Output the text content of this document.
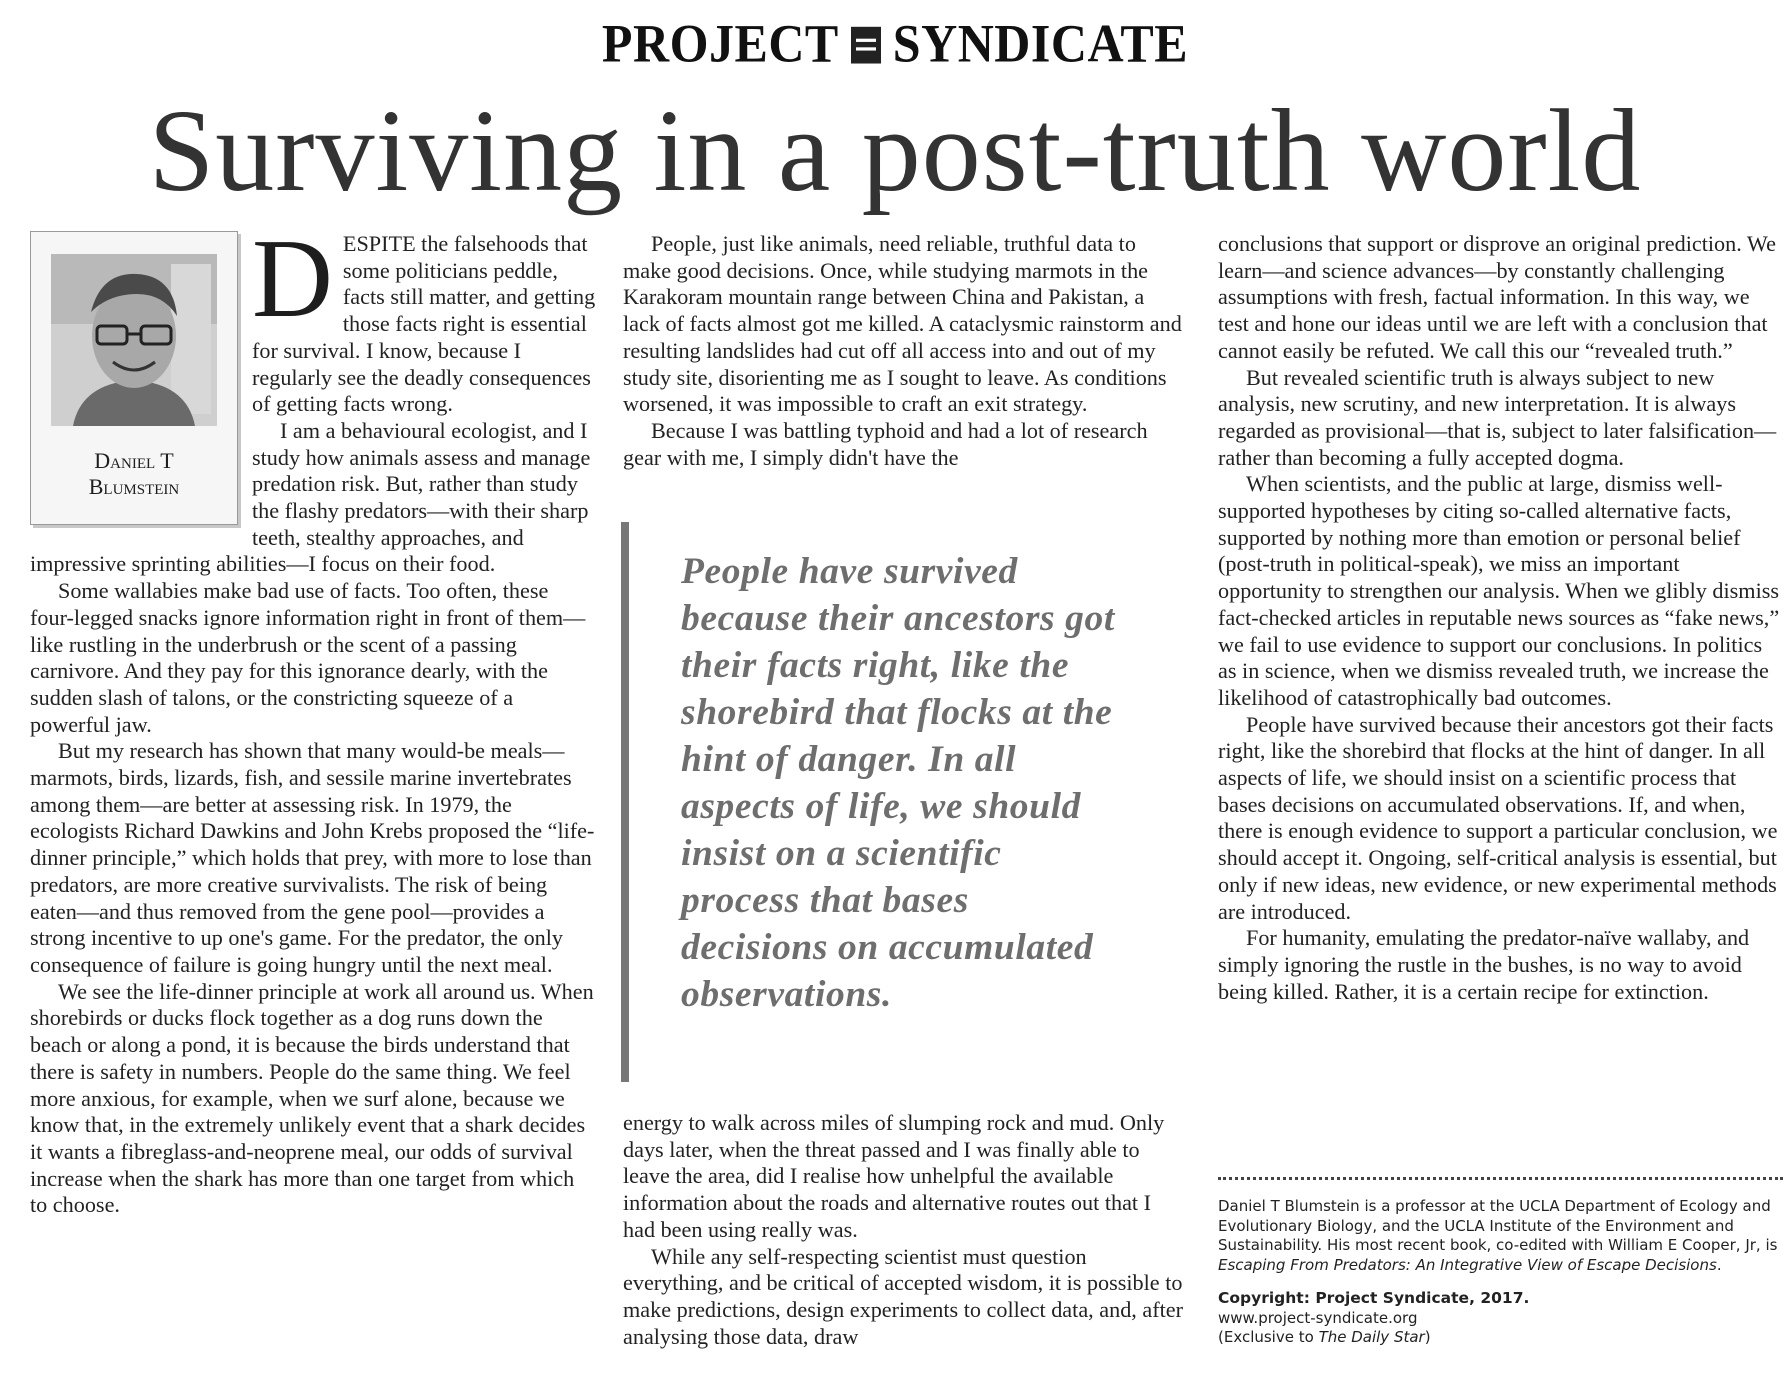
PROJECT SYNDICATE
Surviving in a post-truth world
Daniel T
Blumstein
D ESPITE the falsehoods that some politicians peddle, facts still matter, and getting those facts right is essential for survival. I know, because I regularly see the deadly consequences of getting facts wrong.

I am a behavioural ecologist, and I study how animals assess and manage predation risk. But, rather than study the flashy predators—with their sharp teeth, stealthy approaches, and impressive sprinting abilities—I focus on their food.

Some wallabies make bad use of facts. Too often, these four-legged snacks ignore information right in front of them—like rustling in the underbrush or the scent of a passing carnivore. And they pay for this ignorance dearly, with the sudden slash of talons, or the constricting squeeze of a powerful jaw.

But my research has shown that many would-be meals—marmots, birds, lizards, fish, and sessile marine invertebrates among them—are better at assessing risk. In 1979, the ecologists Richard Dawkins and John Krebs proposed the “life-dinner principle,” which holds that prey, with more to lose than predators, are more creative survivalists. The risk of being eaten—and thus removed from the gene pool—provides a strong incentive to up one's game. For the predator, the only consequence of failure is going hungry until the next meal.

We see the life-dinner principle at work all around us. When shorebirds or ducks flock together as a dog runs down the beach or along a pond, it is because the birds understand that there is safety in numbers. People do the same thing. We feel more anxious, for example, when we surf alone, because we know that, in the extremely unlikely event that a shark decides it wants a fibreglass-and-neoprene meal, our odds of survival increase when the shark has more than one target from which to choose.

People, just like animals, need reliable, truthful data to make good decisions. Once, while studying marmots in the Karakoram mountain range between China and Pakistan, a lack of facts almost got me killed. A cataclysmic rainstorm and resulting landslides had cut off all access into and out of my study site, disorienting me as I sought to leave. As conditions worsened, it was impossible to craft an exit strategy.

Because I was battling typhoid and had a lot of research gear with me, I simply didn't have the

People have survived because their ancestors got their facts right, like the shorebird that flocks at the hint of danger. In all aspects of life, we should insist on a scientific process that bases decisions on accumulated observations.

energy to walk across miles of slumping rock and mud. Only days later, when the threat passed and I was finally able to leave the area, did I realise how unhelpful the available information about the roads and alternative routes out that I had been using really was.

While any self-respecting scientist must question everything, and be critical of accepted wisdom, it is possible to make predictions, design experiments to collect data, and, after analysing those data, draw

conclusions that support or disprove an original prediction. We learn—and science advances—by constantly challenging assumptions with fresh, factual information. In this way, we test and hone our ideas until we are left with a conclusion that cannot easily be refuted. We call this our “revealed truth.”

But revealed scientific truth is always subject to new analysis, new scrutiny, and new interpretation. It is always regarded as provisional—that is, subject to later falsification—rather than becoming a fully accepted dogma.

When scientists, and the public at large, dismiss well-supported hypotheses by citing so-called alternative facts, supported by nothing more than emotion or personal belief (post-truth in political-speak), we miss an important opportunity to strengthen our analysis. When we glibly dismiss fact-checked articles in reputable news sources as “fake news,” we fail to use evidence to support our conclusions. In politics as in science, when we dismiss revealed truth, we increase the likelihood of catastrophically bad outcomes.

People have survived because their ancestors got their facts right, like the shorebird that flocks at the hint of danger. In all aspects of life, we should insist on a scientific process that bases decisions on accumulated observations. If, and when, there is enough evidence to support a particular conclusion, we should accept it. Ongoing, self-critical analysis is essential, but only if new ideas, new evidence, or new experimental methods are introduced.

For humanity, emulating the predator-naïve wallaby, and simply ignoring the rustle in the bushes, is no way to avoid being killed. Rather, it is a certain recipe for extinction.

Daniel T Blumstein is a professor at the UCLA Department of Ecology and Evolutionary Biology, and the UCLA Institute of the Environment and Sustainability. His most recent book, co-edited with William E Cooper, Jr, is Escaping From Predators: An Integrative View of Escape Decisions.
Copyright: Project Syndicate, 2017.
www.project-syndicate.org
(Exclusive to The Daily Star)
